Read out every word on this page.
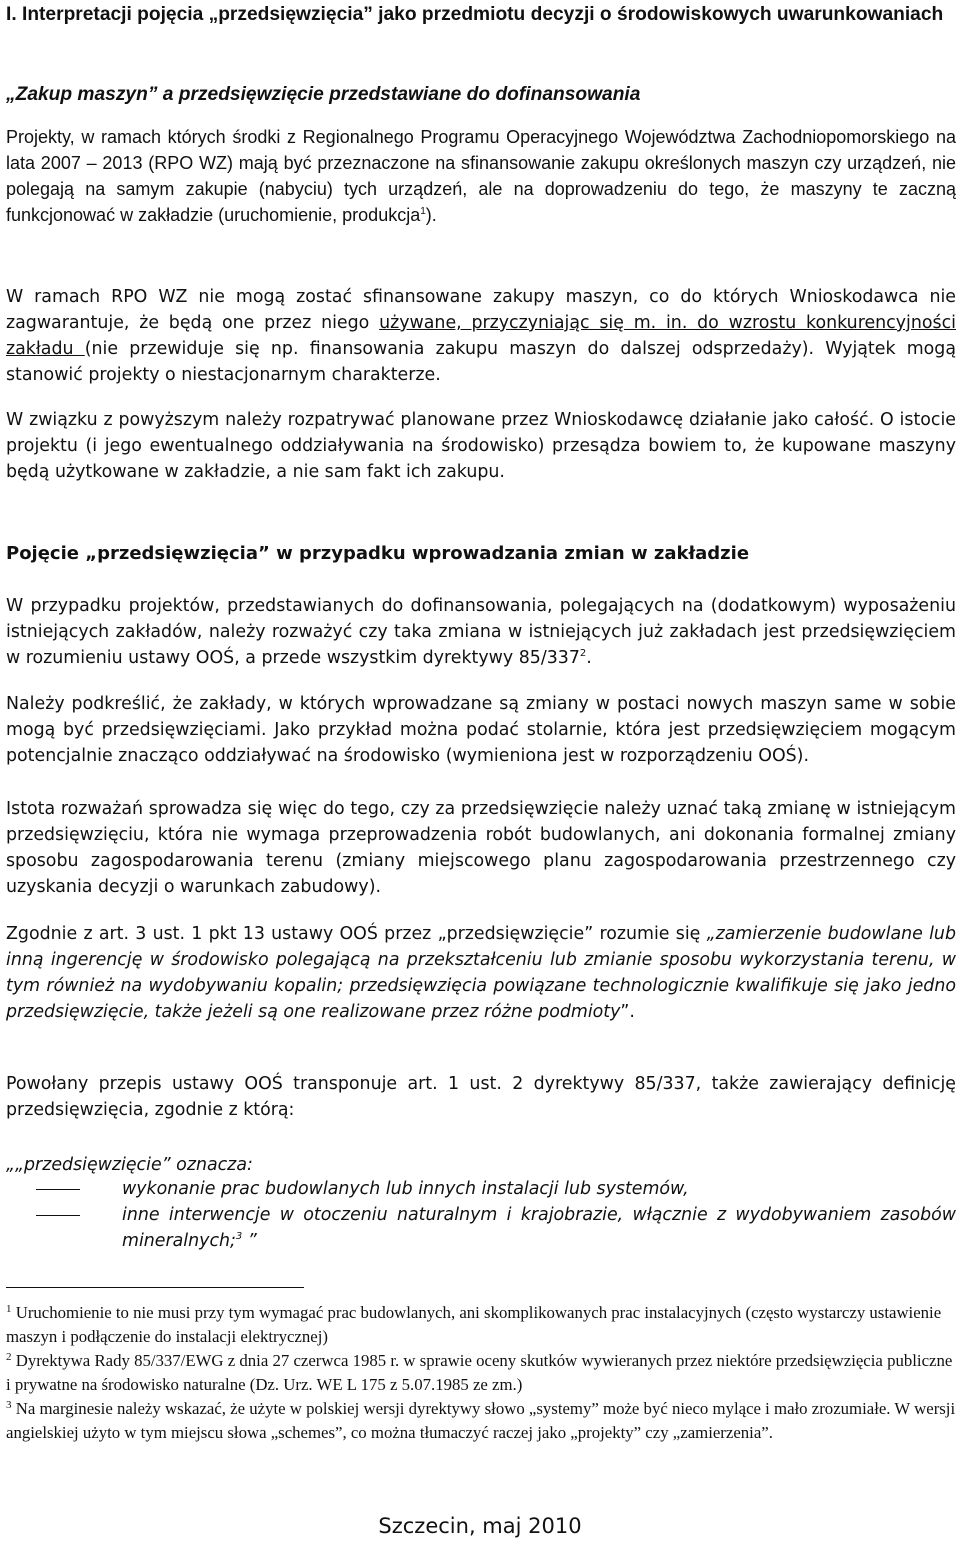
I. Interpretacji pojęcia „przedsięwzięcia” jako przedmiotu decyzji o środowiskowych uwarunkowaniach
„Zakup maszyn” a przedsięwzięcie przedstawiane do dofinansowania

Projekty, w ramach których środki z Regionalnego Programu Operacyjnego Województwa Zachodniopomorskiego na lata 2007 – 2013 (RPO WZ) mają być przeznaczone na sfinansowanie zakupu określonych maszyn czy urządzeń, nie polegają na samym zakupie (nabyciu) tych urządzeń, ale na doprowadzeniu do tego, że maszyny te zaczną funkcjonować w zakładzie (uruchomienie, produkcja$^1$).

W ramach RPO WZ nie mogą zostać sfinansowane zakupy maszyn, co do których Wnioskodawca nie zagwarantuje, że będą one przez niego używane, przyczyniając się m. in. do wzrostu konkurencyjności zakładu (nie przewiduje się np. finansowania zakupu maszyn do dalszej odsprzedaży). Wyjątek mogą stanowić projekty o niestacjonarnym charakterze.

W związku z powyższym należy rozpatrywać planowane przez Wnioskodawcę działanie jako całość. O istocie projektu (i jego ewentualnego oddziaływania na środowisko) przesądza bowiem to, że kupowane maszyny będą użytkowane w zakładzie, a nie sam fakt ich zakupu.

Pojęcie „przedsięwzięcia” w przypadku wprowadzania zmian w zakładzie

W przypadku projektów, przedstawianych do dofinansowania, polegających na (dodatkowym) wyposażeniu istniejących zakładów, należy rozważyć czy taka zmiana w istniejących już zakładach jest przedsięwzięciem w rozumieniu ustawy OOŚ, a przede wszystkim dyrektywy $85/337^2$.

Należy podkreślić, że zakłady, w których wprowadzane są zmiany w postaci nowych maszyn same w sobie mogą być przedsięwzięciami. Jako przykład można podać stolarnie, która jest przedsięwzięciem mogącym potencjalnie znacząco oddziaływać na środowisko (wymieniona jest w rozporządzeniu OOŚ).

Istota rozważań sprowadza się więc do tego, czy za przedsięwzięcie należy uznać taką zmianę w istniejącym przedsięwzięciu, która nie wymaga przeprowadzenia robót budowlanych, ani dokonania formalnej zmiany sposobu zagospodarowania terenu (zmiany miejscowego planu zagospodarowania przestrzennego czy uzyskania decyzji o warunkach zabudowy).

Zgodnie z art. 3 ust. 1 pkt 13 ustawy OOŚ przez „przedsięwzięcie” rozumie się „zamierzenie budowlane lub inną ingerencję w środowisko polegającą na przekształceniu lub zmianie sposobu wykorzystania terenu, w tym również na wydobywaniu kopalin; przedsięwzięcia powiązane technologicznie kwalifikuje się jako jedno przedsięwzięcie, także jeżeli są one realizowane przez różne podmioty”.

Powołany przepis ustawy OOŚ transponuje art. 1 ust. 2 dyrektywy 85/337, także zawierający definicję przedsięwzięcia, zgodnie z którą:

„„przedsięwzięcie” oznacza:
wykonanie prac budowlanych lub innych instalacji lub systemów,
inne interwencje w otoczeniu naturalnym i krajobrazie, włącznie z wydobywaniem zasobów mineralnych;$^3$ ”
$^1$ Uruchomienie to nie musi przy tym wymagać prac budowlanych, ani skomplikowanych prac instalacyjnych (często wystarczy ustawienie maszyn i podłączenie do instalacji elektrycznej)
$^2$ Dyrektywa Rady 85/337/EWG z dnia 27 czerwca 1985 r. w sprawie oceny skutków wywieranych przez niektóre przedsięwzięcia publiczne i prywatne na środowisko naturalne (Dz. Urz. WE L 175 z 5.07.1985 ze zm.)
$^3$ Na marginesie należy wskazać, że użyte w polskiej wersji dyrektywy słowo „systemy” może być nieco mylące i mało zrozumiałe. W wersji angielskiej użyto w tym miejscu słowa „schemes”, co można tłumaczyć raczej jako „projekty” czy „zamierzenia”.
Szczecin, maj 2010
